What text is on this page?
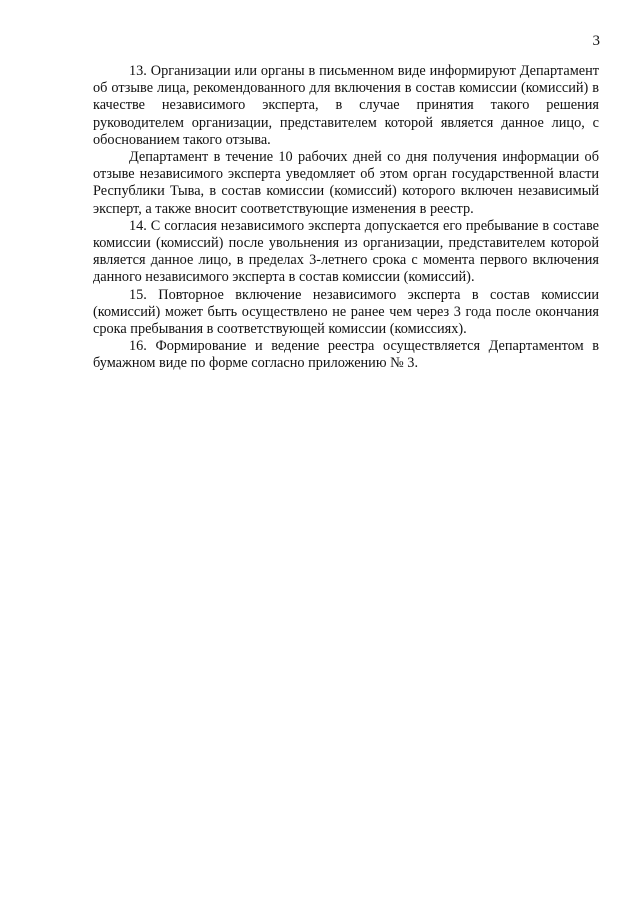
3

13. Организации или органы в письменном виде информируют Департамент об отзыве лица, рекомендованного для включения в состав комиссии (комиссий) в качестве независимого эксперта, в случае принятия такого решения руководителем организации, представителем которой является данное лицо, с обоснованием такого отзыва.

Департамент в течение 10 рабочих дней со дня получения информации об отзыве независимого эксперта уведомляет об этом орган государственной власти Республики Тыва, в состав комиссии (комиссий) которого включен независимый эксперт, а также вносит соответствующие изменения в реестр.

14. С согласия независимого эксперта допускается его пребывание в составе комиссии (комиссий) после увольнения из организации, представителем которой является данное лицо, в пределах 3-летнего срока с момента первого включения данного независимого эксперта в состав комиссии (комиссий).

15. Повторное включение независимого эксперта в состав комиссии (комиссий) может быть осуществлено не ранее чем через 3 года после окончания срока пребывания в соответствующей комиссии (комиссиях).

16. Формирование и ведение реестра осуществляется Департаментом в бумажном виде по форме согласно приложению № 3.
